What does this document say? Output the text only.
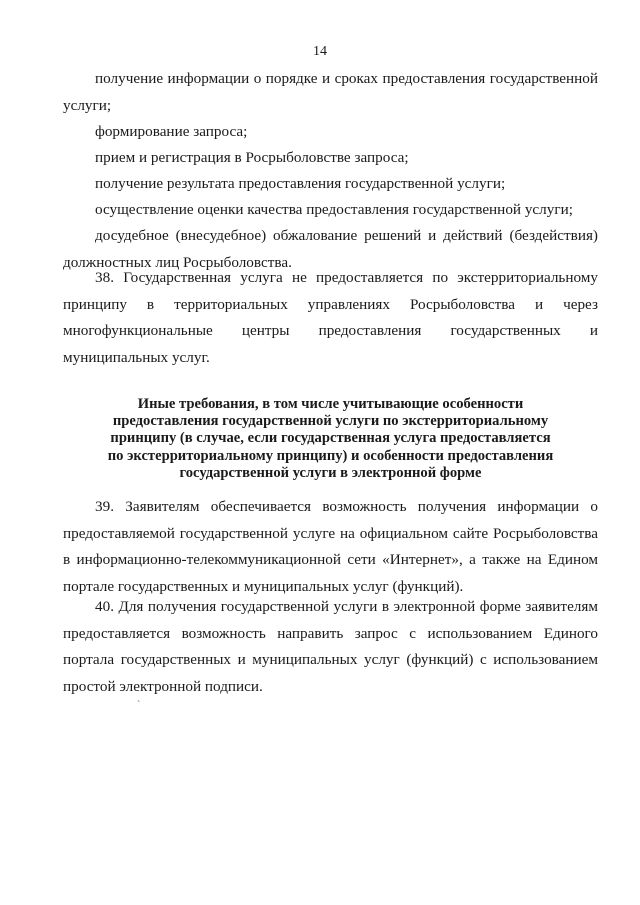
14

получение информации о порядке и сроках предоставления государственной услуги;

формирование запроса;

прием и регистрация в Росрыболовстве запроса;

получение результата предоставления государственной услуги;

осуществление оценки качества предоставления государственной услуги;

досудебное (внесудебное) обжалование решений и действий (бездействия) должностных лиц Росрыболовства.

38. Государственная услуга не предоставляется по экстерриториальному принципу в территориальных управлениях Росрыболовства и через многофункциональные центры предоставления государственных и муниципальных услуг.

Иные требования, в том числе учитывающие особенности
предоставления государственной услуги по экстерриториальному
принципу (в случае, если государственная услуга предоставляется
по экстерриториальному принципу) и особенности предоставления
государственной услуги в электронной форме

39. Заявителям обеспечивается возможность получения информации о предоставляемой государственной услуге на официальном сайте Росрыболовства в информационно-телекоммуникационной сети «Интернет», а также на Едином портале государственных и муниципальных услуг (функций).

40. Для получения государственной услуги в электронной форме заявителям предоставляется возможность направить запрос с использованием Единого портала государственных и муниципальных услуг (функций) с использованием простой электронной подписи.

ˋ
